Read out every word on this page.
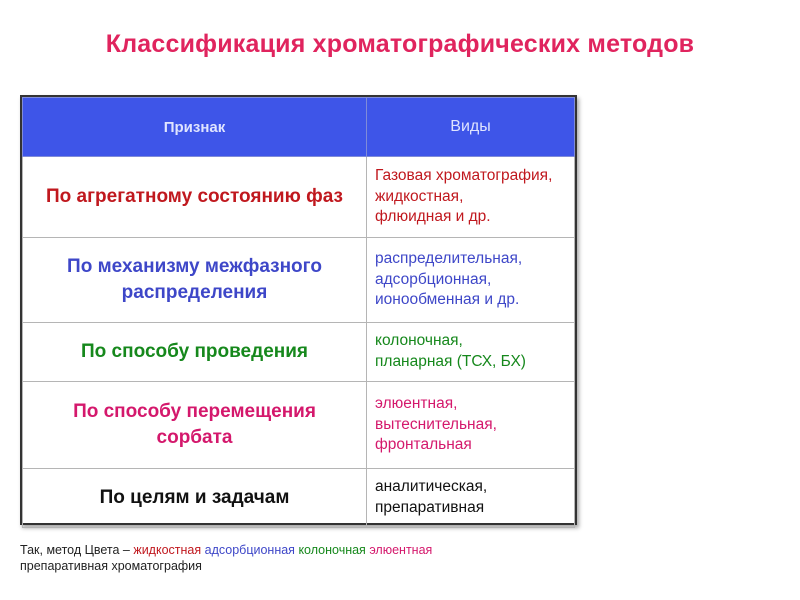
Классификация хроматографических методов
Признак	Виды
По агрегатному состоянию фаз	Газовая хроматография,
жидкостная,
флюидная и др.

По механизму межфазного распределения	распределительная,
адсорбционная,
ионообменная и др.

По способу проведения	колоночная,
планарная (ТСХ, БХ)

По способу перемещения сорбата	элюентная,
вытеснительная,
фронтальная

По целям и задачам	аналитическая,
препаративная
Так, метод Цвета – жидкостная адсорбционная колоночная элюентная
препаративная хроматография
